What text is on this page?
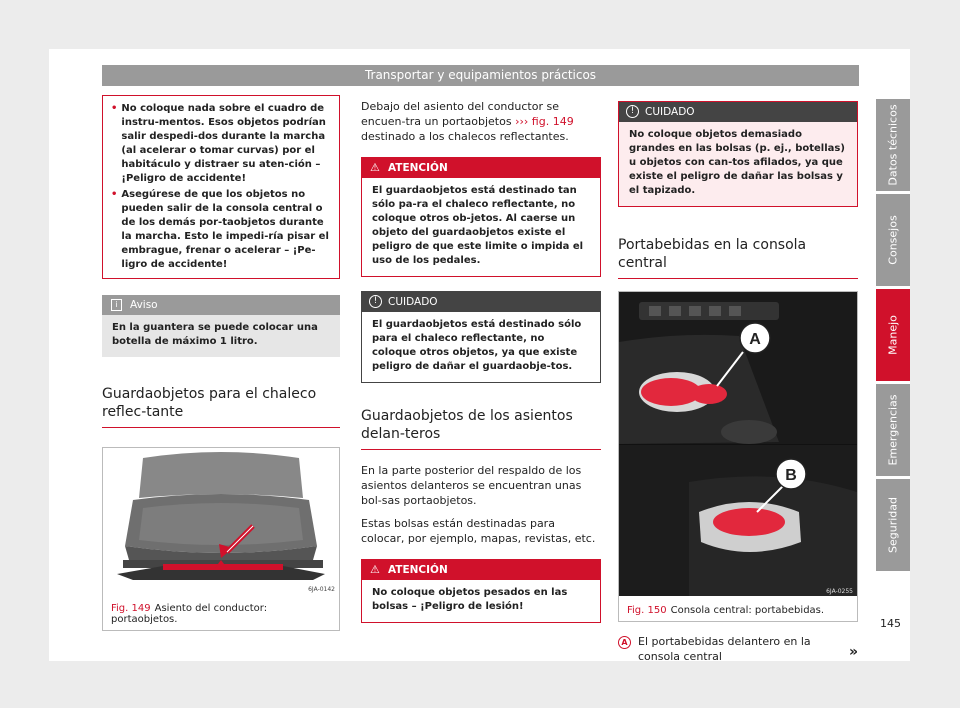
Transportar y equipamientos prácticos
• No coloque nada sobre el cuadro de instru-mentos. Esos objetos podrían salir despedi-dos durante la marcha (al acelerar o tomar curvas) por el habitáculo y distraer su aten-ción – ¡Peligro de accidente!
• Asegúrese de que los objetos no pueden salir de la consola central o de los demás por-taobjetos durante la marcha. Esto le impedi-ría pisar el embrague, frenar o acelerar – ¡Pe-ligro de accidente!
i	Aviso
En la guantera se puede colocar una botella de máximo 1 litro.
Guardaobjetos para el chaleco reflec-tante
6JA-0142
Fig. 149 Asiento del conductor: portaobjetos.

Debajo del asiento del conductor se encuen-tra un portaobjetos ››› fig. 149 destinado a los chalecos reflectantes.

⚠ ATENCIÓN
El guardaobjetos está destinado tan sólo pa-ra el chaleco reflectante, no coloque otros ob-jetos. Al caerse un objeto del guardaobjetos existe el peligro de que este limite o impida el uso de los pedales.
!	CUIDADO
El guardaobjetos está destinado sólo para el chaleco reflectante, no coloque otros objetos, ya que existe peligro de dañar el guardaobje-tos.
Guardaobjetos de los asientos delan-teros

En la parte posterior del respaldo de los asientos delanteros se encuentran unas bol-sas portaobjetos.

Estas bolsas están destinadas para colocar, por ejemplo, mapas, revistas, etc.

⚠ ATENCIÓN
No coloque objetos pesados en las bolsas – ¡Peligro de lesión!
!	CUIDADO
No coloque objetos demasiado grandes en las bolsas (p. ej., botellas) u objetos con can-tos afilados, ya que existe el peligro de dañar las bolsas y el tapizado.
Portabebidas en la consola central
A
B
6JA-0255
Fig. 150 Consola central: portabebidas.
A El portabebidas delantero en la consola central	»
Datos técnicos
Consejos
Manejo
Emergencias
Seguridad
145
